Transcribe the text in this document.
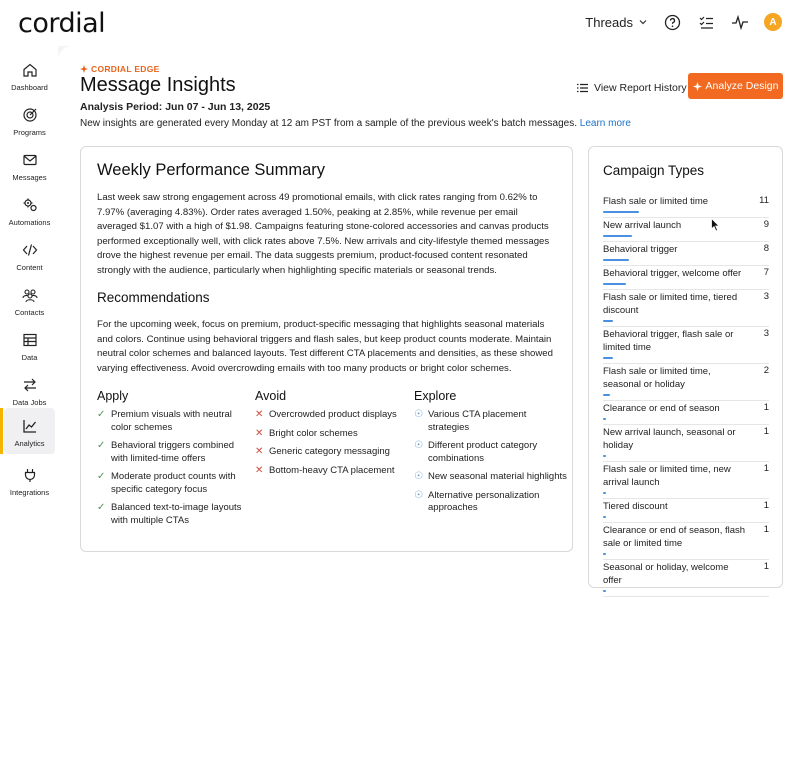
cordial	Threads	A
Dashboard
Programs
Messages
Automations
Content
Contacts
Data
Data Jobs
Analytics
Integrations
CORDIAL EDGE
Message Insights
Analysis Period: Jun 07 - Jun 13, 2025
New insights are generated every Monday at 12 am PST from a sample of the previous week's batch messages. Learn more
View Report History Analyze Design
Weekly Performance Summary

Last week saw strong engagement across 49 promotional emails, with click rates ranging from 0.62% to 7.97% (averaging 4.83%). Order rates averaged 1.50%, peaking at 2.85%, while revenue per email averaged $1.07 with a high of $1.98. Campaigns featuring stone-colored accessories and canvas products performed exceptionally well, with click rates above 7.5%. New arrivals and city-lifestyle themed messages drove the highest revenue per email. The data suggests premium, product-focused content resonated strongly with the audience, particularly when highlighting specific materials or seasonal trends.

Recommendations

For the upcoming week, focus on premium, product-specific messaging that highlights seasonal materials and colors. Continue using behavioral triggers and flash sales, but keep product counts moderate. Maintain neutral color schemes and balanced layouts. Test different CTA placements and densities, as these showed varying effectiveness. Avoid overcrowding emails with too many products or bright color schemes.

Apply
✓ Premium visuals with neutral color schemes
✓ Behavioral triggers combined with limited-time offers
✓ Moderate product counts with specific category focus
✓ Balanced text-to-image layouts with multiple CTAs
Avoid
✕ Overcrowded product displays
✕ Bright color schemes
✕ Generic category messaging
✕ Bottom-heavy CTA placement
Explore
☉ Various CTA placement strategies
☉ Different product category combinations
☉ New seasonal material highlights
☉ Alternative personalization approaches
Campaign Types
Flash sale or limited time	11
New arrival launch	9
Behavioral trigger	8
Behavioral trigger, welcome offer	7
Flash sale or limited time, tiered discount
3
Behavioral trigger, flash sale or limited time
3
Flash sale or limited time, seasonal or holiday
2
Clearance or end of season	1
New arrival launch, seasonal or holiday
1
Flash sale or limited time, new arrival launch
1
Tiered discount	1
Clearance or end of season, flash sale or limited time
1
Seasonal or holiday, welcome offer
1
